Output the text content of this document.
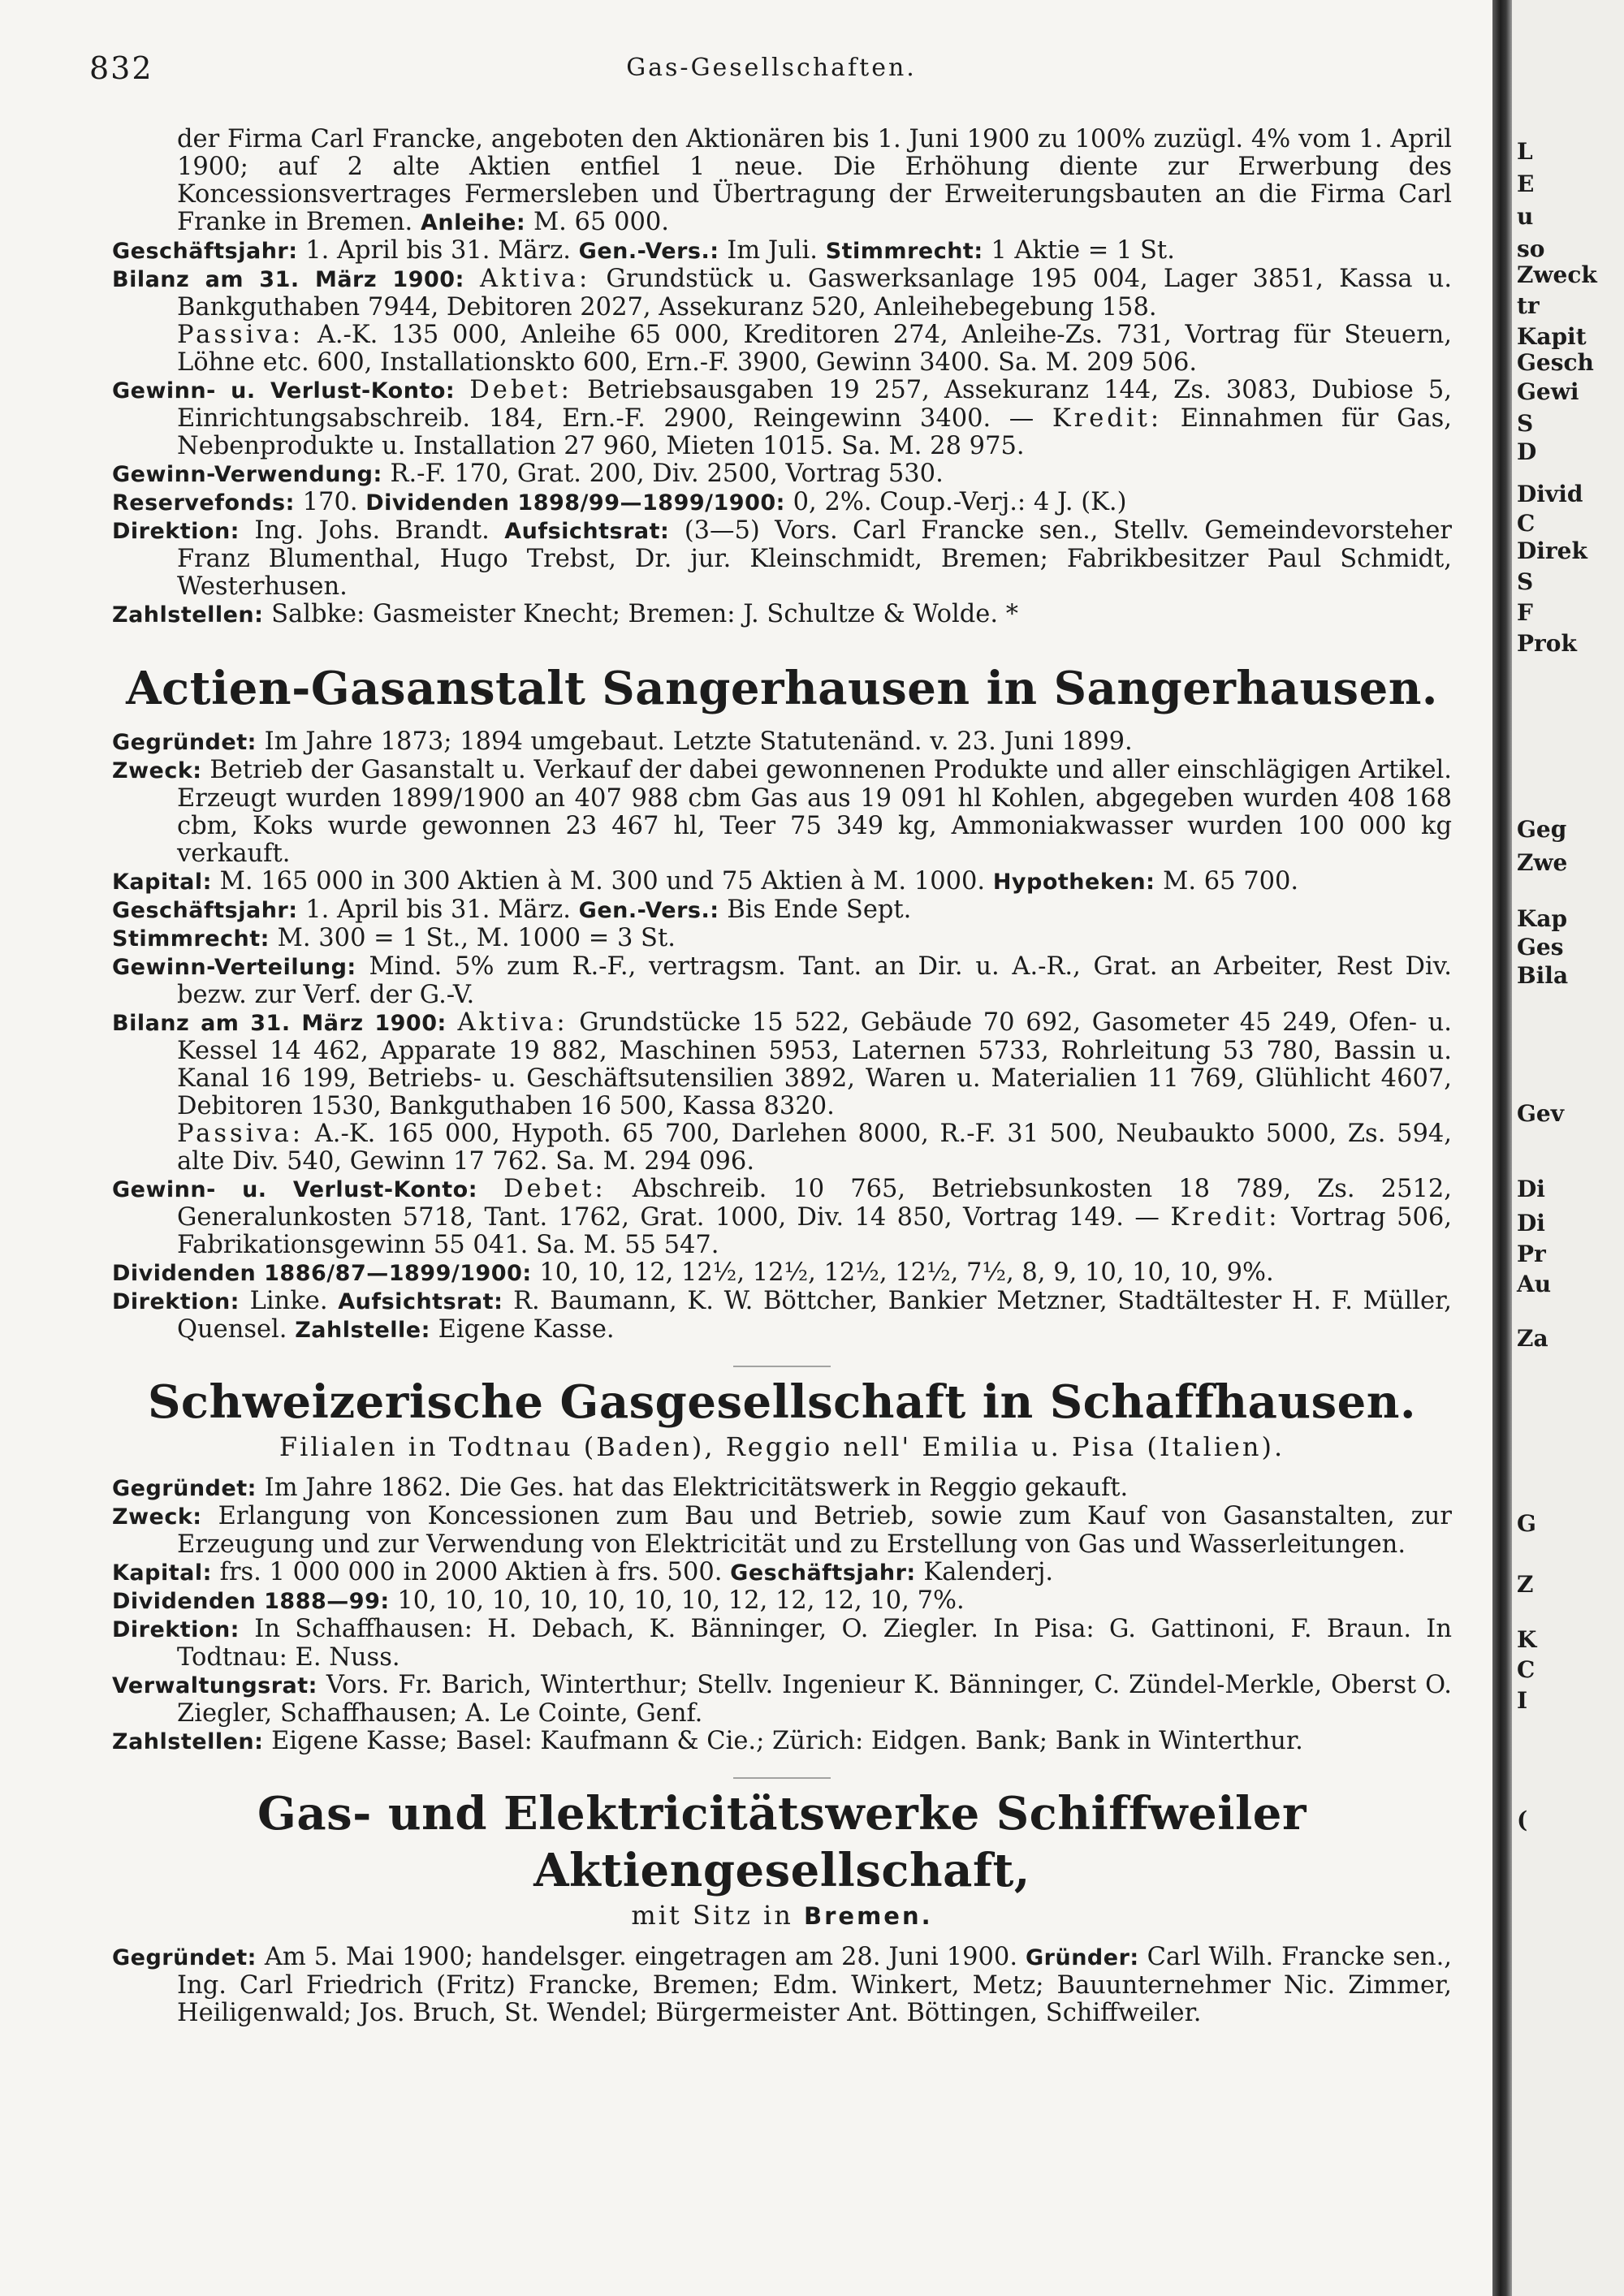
832	Gas-Gesellschaften.

der Firma Carl Francke, angeboten den Aktionären bis 1. Juni 1900 zu 100% zuzügl. 4% vom 1. April 1900; auf 2 alte Aktien entfiel 1 neue. Die Erhöhung diente zur Erwerbung des Koncessionsvertrages Fermersleben und Übertragung der Erweiterungsbauten an die Firma Carl Franke in Bremen. Anleihe: M. 65 000.

Geschäftsjahr: 1. April bis 31. März. Gen.-Vers.: Im Juli. Stimmrecht: 1 Aktie = 1 St.

Bilanz am 31. März 1900: Aktiva: Grundstück u. Gaswerksanlage 195 004, Lager 3851, Kassa u. Bankguthaben 7944, Debitoren 2027, Assekuranz 520, Anleihebegebung 158.

Passiva: A.-K. 135 000, Anleihe 65 000, Kreditoren 274, Anleihe-Zs. 731, Vortrag für Steuern, Löhne etc. 600, Installationskto 600, Ern.-F. 3900, Gewinn 3400. Sa. M. 209 506.

Gewinn- u. Verlust-Konto: Debet: Betriebsausgaben 19 257, Assekuranz 144, Zs. 3083, Dubiose 5, Einrichtungsabschreib. 184, Ern.-F. 2900, Reingewinn 3400. — Kredit: Einnahmen für Gas, Nebenprodukte u. Installation 27 960, Mieten 1015. Sa. M. 28 975.

Gewinn-Verwendung: R.-F. 170, Grat. 200, Div. 2500, Vortrag 530.

Reservefonds: 170. Dividenden 1898/99—1899/1900: 0, 2%. Coup.-Verj.: 4 J. (K.)

Direktion: Ing. Johs. Brandt. Aufsichtsrat: (3—5) Vors. Carl Francke sen., Stellv. Gemeindevorsteher Franz Blumenthal, Hugo Trebst, Dr. jur. Kleinschmidt, Bremen; Fabrikbesitzer Paul Schmidt, Westerhusen.

Zahlstellen: Salbke: Gasmeister Knecht; Bremen: J. Schultze & Wolde. *

Actien-Gasanstalt Sangerhausen in Sangerhausen.

Gegründet: Im Jahre 1873; 1894 umgebaut. Letzte Statutenänd. v. 23. Juni 1899.

Zweck: Betrieb der Gasanstalt u. Verkauf der dabei gewonnenen Produkte und aller einschlägigen Artikel. Erzeugt wurden 1899/1900 an 407 988 cbm Gas aus 19 091 hl Kohlen, abgegeben wurden 408 168 cbm, Koks wurde gewonnen 23 467 hl, Teer 75 349 kg, Ammoniakwasser wurden 100 000 kg verkauft.

Kapital: M. 165 000 in 300 Aktien à M. 300 und 75 Aktien à M. 1000. Hypotheken: M. 65 700.

Geschäftsjahr: 1. April bis 31. März. Gen.-Vers.: Bis Ende Sept.

Stimmrecht: M. 300 = 1 St., M. 1000 = 3 St.

Gewinn-Verteilung: Mind. 5% zum R.-F., vertragsm. Tant. an Dir. u. A.-R., Grat. an Arbeiter, Rest Div. bezw. zur Verf. der G.-V.

Bilanz am 31. März 1900: Aktiva: Grundstücke 15 522, Gebäude 70 692, Gasometer 45 249, Ofen- u. Kessel 14 462, Apparate 19 882, Maschinen 5953, Laternen 5733, Rohrleitung 53 780, Bassin u. Kanal 16 199, Betriebs- u. Geschäftsutensilien 3892, Waren u. Materialien 11 769, Glühlicht 4607, Debitoren 1530, Bankguthaben 16 500, Kassa 8320.

Passiva: A.-K. 165 000, Hypoth. 65 700, Darlehen 8000, R.-F. 31 500, Neubaukto 5000, Zs. 594, alte Div. 540, Gewinn 17 762. Sa. M. 294 096.

Gewinn- u. Verlust-Konto: Debet: Abschreib. 10 765, Betriebsunkosten 18 789, Zs. 2512, Generalunkosten 5718, Tant. 1762, Grat. 1000, Div. 14 850, Vortrag 149. — Kredit: Vortrag 506, Fabrikationsgewinn 55 041. Sa. M. 55 547.

Dividenden 1886/87—1899/1900: 10, 10, 12, 12½, 12½, 12½, 12½, 7½, 8, 9, 10, 10, 10, 9%.

Direktion: Linke. Aufsichtsrat: R. Baumann, K. W. Böttcher, Bankier Metzner, Stadtältester H. F. Müller, Quensel. Zahlstelle: Eigene Kasse.

Schweizerische Gasgesellschaft in Schaffhausen.

Filialen in Todtnau (Baden), Reggio nell' Emilia u. Pisa (Italien).

Gegründet: Im Jahre 1862. Die Ges. hat das Elektricitätswerk in Reggio gekauft.

Zweck: Erlangung von Koncessionen zum Bau und Betrieb, sowie zum Kauf von Gasanstalten, zur Erzeugung und zur Verwendung von Elektricität und zu Erstellung von Gas und Wasserleitungen.

Kapital: frs. 1 000 000 in 2000 Aktien à frs. 500. Geschäftsjahr: Kalenderj.

Dividenden 1888—99: 10, 10, 10, 10, 10, 10, 10, 12, 12, 12, 10, 7%.

Direktion: In Schaffhausen: H. Debach, K. Bänninger, O. Ziegler. In Pisa: G. Gattinoni, F. Braun. In Todtnau: E. Nuss.

Verwaltungsrat: Vors. Fr. Barich, Winterthur; Stellv. Ingenieur K. Bänninger, C. Zündel-Merkle, Oberst O. Ziegler, Schaffhausen; A. Le Cointe, Genf.

Zahlstellen: Eigene Kasse; Basel: Kaufmann & Cie.; Zürich: Eidgen. Bank; Bank in Winterthur.

Gas- und Elektricitätswerke Schiffweiler Aktiengesellschaft,

mit Sitz in Bremen.

Gegründet: Am 5. Mai 1900; handelsger. eingetragen am 28. Juni 1900. Gründer: Carl Wilh. Francke sen., Ing. Carl Friedrich (Fritz) Francke, Bremen; Edm. Winkert, Metz; Bauunternehmer Nic. Zimmer, Heiligenwald; Jos. Bruch, St. Wendel; Bürgermeister Ant. Böttingen, Schiffweiler.

L
E
u
so
Zweck
tr
Kapit
Gesch
Gewi
S
D
Divid
C
Direk
S
F
Prok
Geg
Zwe
Kap
Ges
Bila
Gev
Di
Di
Pr
Au
Za
G
Z
K
C
I
(
